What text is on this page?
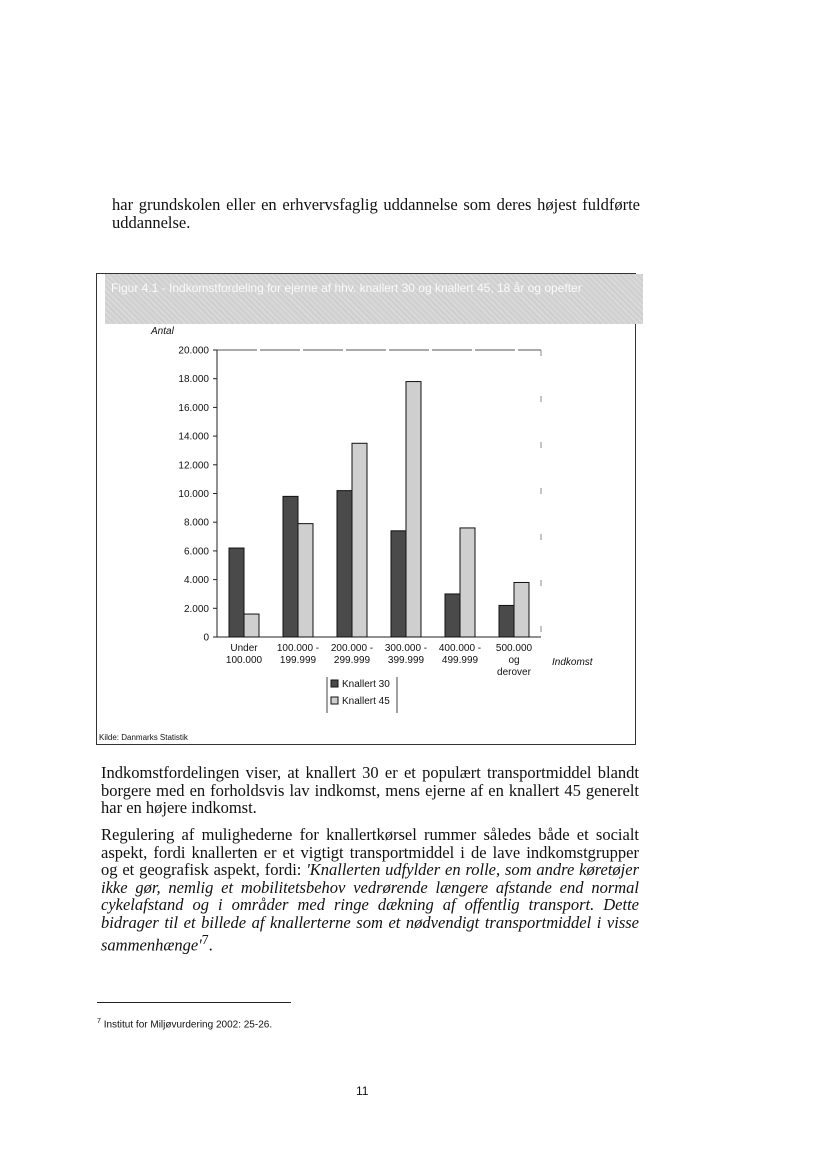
har grundskolen eller en erhvervsfaglig uddannelse som deres højest fuldførte uddannelse.

Figur 4.1 - Indkomstfordeling for ejerne af hhv. knallert 30 og knallert 45, 18 år og opefter
20.000
18.000
16.000
14.000
12.000
10.000
8.000
6.000
4.000
2.000
0
Antal
Under
100.000
100.000 -
199.999
200.000 -
299.999
300.000 -
399.999
400.000 -
499.999
500.000
og
derover
Indkomst
Knallert 30
Knallert 45
Kilde: Danmarks Statistik

Indkomstfordelingen viser, at knallert 30 er et populært transportmiddel blandt borgere med en forholdsvis lav indkomst, mens ejerne af en knallert 45 generelt har en højere indkomst.

Regulering af mulighederne for knallertkørsel rummer således både et socialt aspekt, fordi knallerten er et vigtigt transportmiddel i de lave indkomstgrupper og et geografisk aspekt, fordi: 'Knallerten udfylder en rolle, som andre køretøjer ikke gør, nemlig et mobilitetsbehov vedrørende længere afstande end normal cykelafstand og i områder med ringe dækning af offentlig transport. Dette bidrager til et billede af knallerterne som et nødvendigt transportmiddel i visse $sammenhænge'^7$.

$^7$ Institut for Miljøvurdering 2002: 25-26.
11
